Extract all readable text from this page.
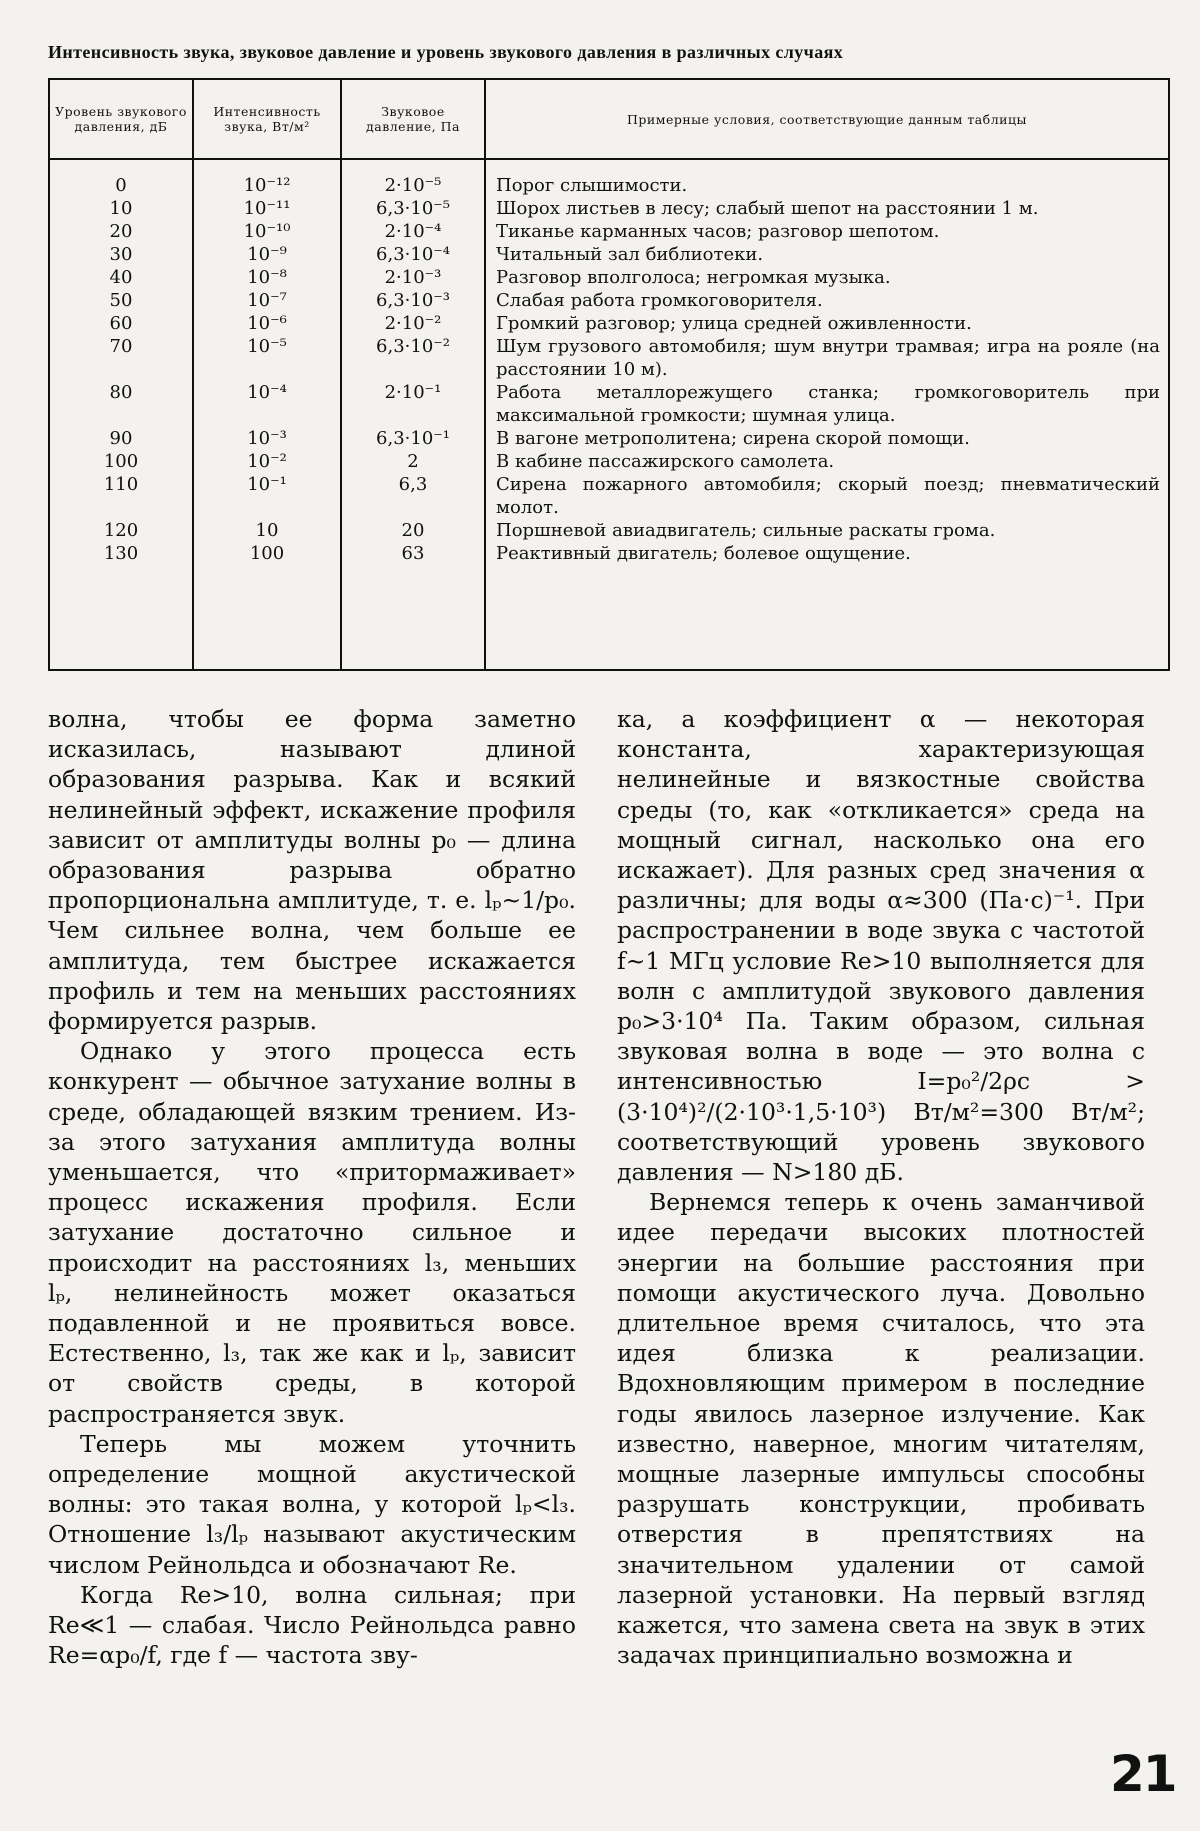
Интенсивность звука, звуковое давление и уровень звукового давления в различных случаях
Уровень звукового давления, дБ	Интенсивность звука, Вт/м²	Звуковое давление, Па	Примерные условия, соответствующие данным таблицы
0	10⁻¹²	2·10⁻⁵	Порог слышимости.
10	10⁻¹¹	6,3·10⁻⁵	Шорох листьев в лесу; слабый шепот на расстоянии 1 м.
20	10⁻¹⁰	2·10⁻⁴	Тиканье карманных часов; разговор шепотом.
30	10⁻⁹	6,3·10⁻⁴	Читальный зал библиотеки.
40	10⁻⁸	2·10⁻³	Разговор вполголоса; негромкая музыка.
50	10⁻⁷	6,3·10⁻³	Слабая работа громкоговорителя.
60	10⁻⁶	2·10⁻²	Громкий разговор; улица средней оживленности.
70	10⁻⁵	6,3·10⁻²	Шум грузового автомобиля; шум внутри трамвая; игра на рояле (на расстоянии 10 м).
80	10⁻⁴	2·10⁻¹	Работа металлорежущего станка; громкоговоритель при максимальной громкости; шумная улица.
90	10⁻³	6,3·10⁻¹	В вагоне метрополитена; сирена скорой помощи.
100	10⁻²	2	В кабине пассажирского самолета.
110	10⁻¹	6,3	Сирена пожарного автомобиля; скорый поезд; пневматический молот.
120	10	20	Поршневой авиадвигатель; сильные раскаты грома.
130	100	63	Реактивный двигатель; болевое ощущение.

волна, чтобы ее форма заметно исказилась, называют длиной образования разрыва. Как и всякий нелинейный эффект, искажение профиля зависит от амплитуды волны p₀ — длина образования разрыва обратно пропорциональна амплитуде, т. е. lₚ~1/p₀. Чем сильнее волна, чем больше ее амплитуда, тем быстрее искажается профиль и тем на меньших расстояниях формируется разрыв.

Однако у этого процесса есть конкурент — обычное затухание волны в среде, обладающей вязким трением. Из-за этого затухания амплитуда волны уменьшается, что «притормаживает» процесс искажения профиля. Если затухание достаточно сильное и происходит на расстояниях l₃, меньших lₚ, нелинейность может оказаться подавленной и не проявиться вовсе. Естественно, l₃, так же как и lₚ, зависит от свойств среды, в которой распространяется звук.

Теперь мы можем уточнить определение мощной акустической волны: это такая волна, у которой lₚ<l₃. Отношение l₃/lₚ называют акустическим числом Рейнольдса и обозначают Re.

Когда Re>10, волна сильная; при Re≪1 — слабая. Число Рейнольдса равно Re=αp₀/f, где f — частота зву-

ка, а коэффициент α — некоторая константа, характеризующая нелинейные и вязкостные свойства среды (то, как «откликается» среда на мощный сигнал, насколько она его искажает). Для разных сред значения α различны; для воды α≈300 (Па·с)⁻¹. При распространении в воде звука с частотой f~1 МГц условие Re>10 выполняется для волн с амплитудой звукового давления p₀>3·10⁴ Па. Таким образом, сильная звуковая волна в воде — это волна с интенсивностью I=p₀²/2ρc > (3·10⁴)²/(2·10³·1,5·10³) Вт/м²=300 Вт/м²; соответствующий уровень звукового давления — N>180 дБ.

Вернемся теперь к очень заманчивой идее передачи высоких плотностей энергии на большие расстояния при помощи акустического луча. Довольно длительное время считалось, что эта идея близка к реализации. Вдохновляющим примером в последние годы явилось лазерное излучение. Как известно, наверное, многим читателям, мощные лазерные импульсы способны разрушать конструкции, пробивать отверстия в препятствиях на значительном удалении от самой лазерной установки. На первый взгляд кажется, что замена света на звук в этих задачах принципиально возможна и

21
